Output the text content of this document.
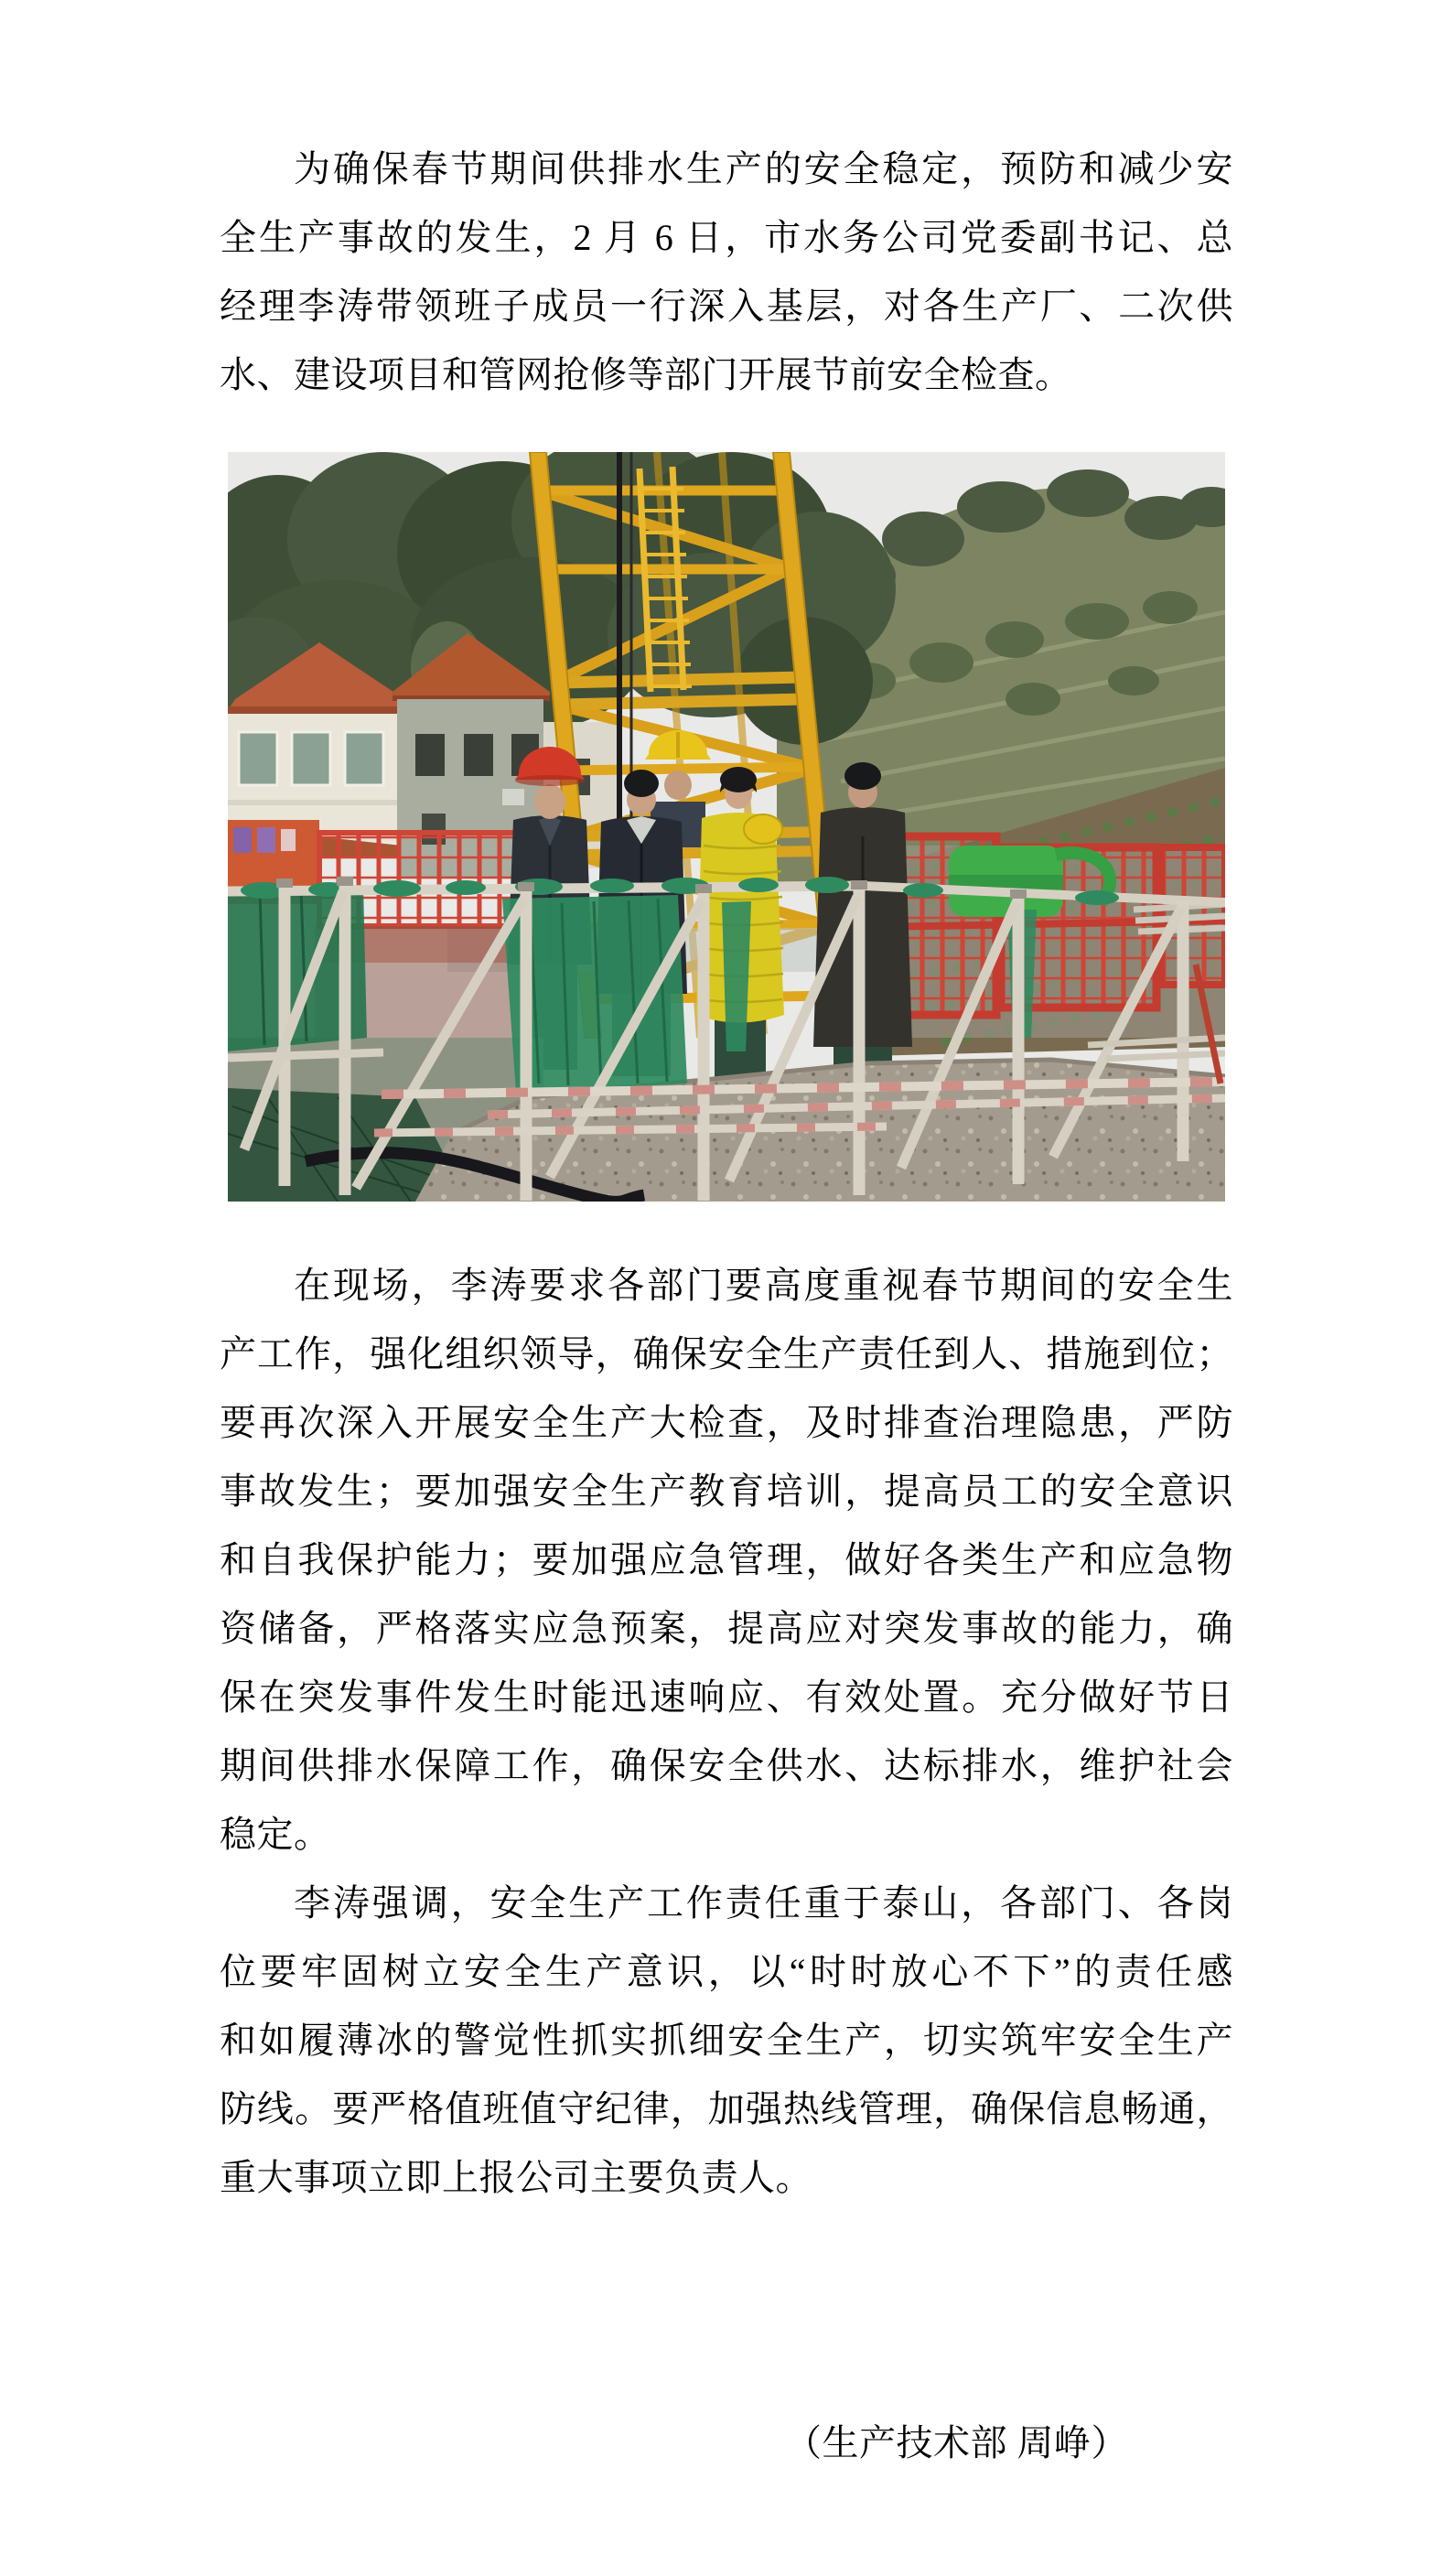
为确保春节期间供排水生产的安全稳定，预防和减少安
全生产事故的发生，2 月 6 日，市水务公司党委副书记、总
经理李涛带领班子成员一行深入基层，对各生产厂、二次供
水、建设项目和管网抢修等部门开展节前安全检查。
在现场，李涛要求各部门要高度重视春节期间的安全生
产工作，强化组织领导，确保安全生产责任到人、措施到位；
要再次深入开展安全生产大检查，及时排查治理隐患，严防
事故发生；要加强安全生产教育培训，提高员工的安全意识
和自我保护能力；要加强应急管理，做好各类生产和应急物
资储备，严格落实应急预案，提高应对突发事故的能力，确
保在突发事件发生时能迅速响应、有效处置。充分做好节日
期间供排水保障工作，确保安全供水、达标排水，维护社会
稳定。
李涛强调，安全生产工作责任重于泰山，各部门、各岗
位要牢固树立安全生产意识，以“时时放心不下”的责任感
和如履薄冰的警觉性抓实抓细安全生产，切实筑牢安全生产
防线。要严格值班值守纪律，加强热线管理，确保信息畅通，
重大事项立即上报公司主要负责人。
（生产技术部 周峥）
